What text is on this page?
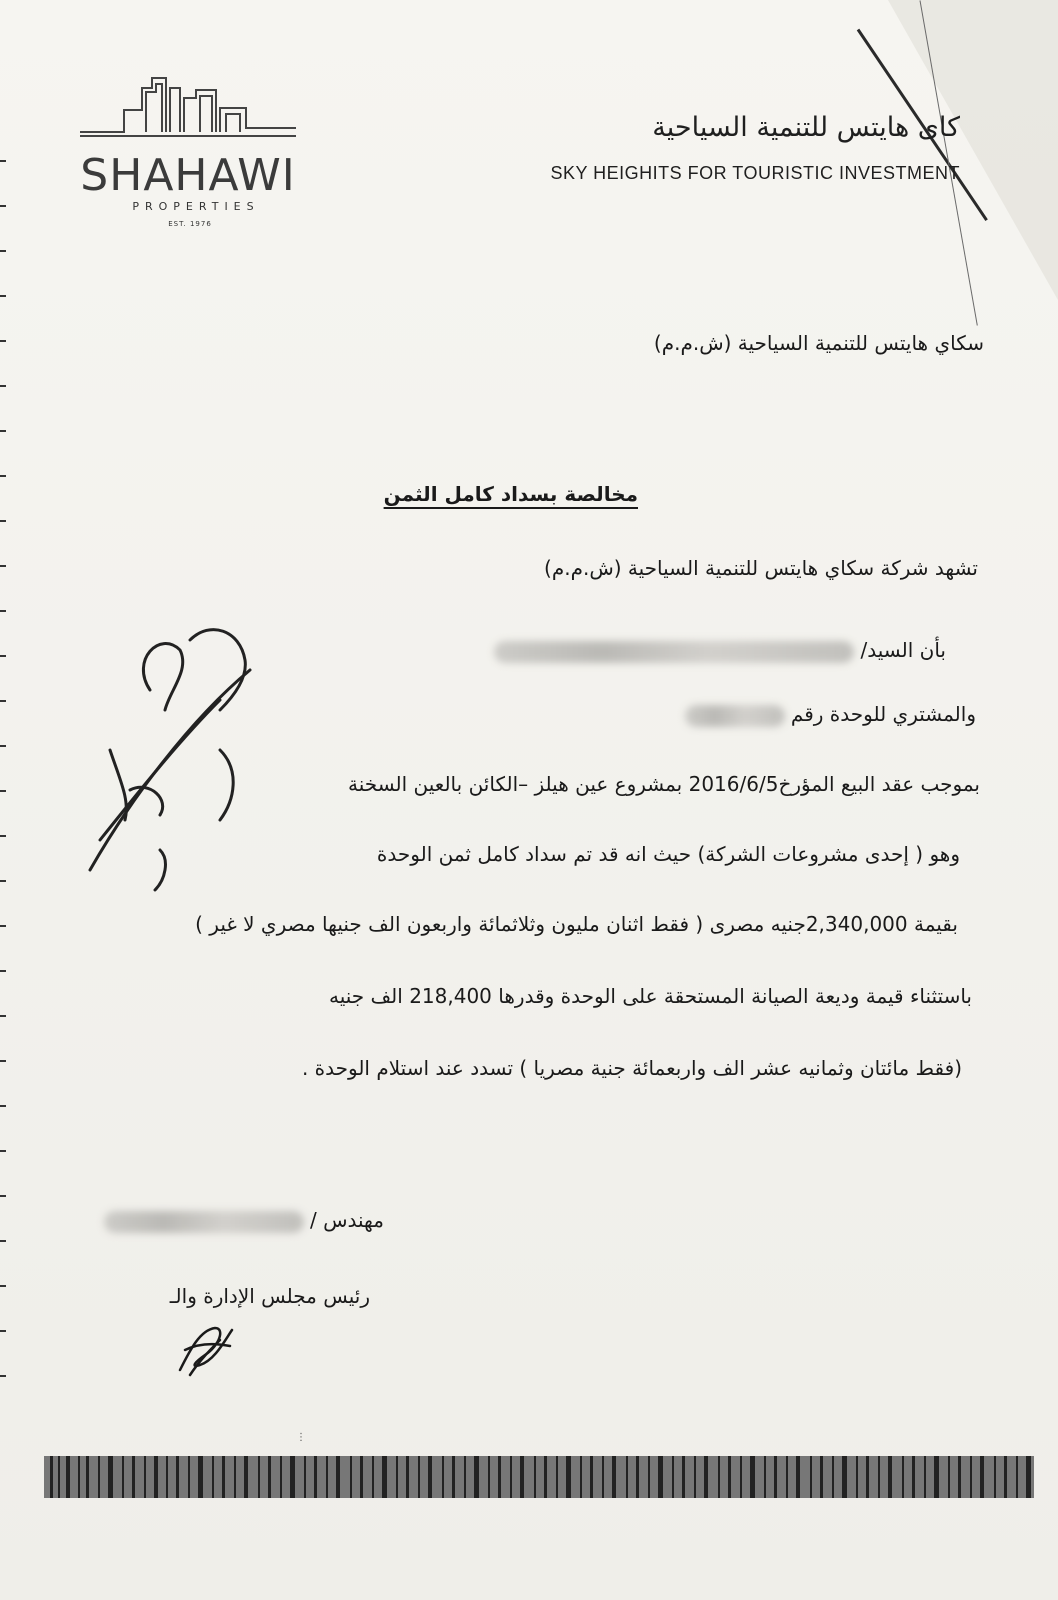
SHAHAWI
PROPERTIES
EST. 1976
كاى هايتس للتنمية السياحية
SKY HEIGHITS FOR TOURISTIC INVESTMENT
سكاي هايتس للتنمية السياحية (ش.م.م)
مخالصة بسداد كامل الثمن
تشهد شركة سكاي هايتس للتنمية السياحية (ش.م.م)
بأن السيد/
والمشتري للوحدة رقم
بموجب عقد البيع المؤرخ2016/6/5 بمشروع عين هيلز –الكائن بالعين السخنة
وهو ( إحدى مشروعات الشركة) حيث انه قد تم سداد كامل ثمن الوحدة
بقيمة 2,340,000جنيه مصرى ( فقط اثنان مليون وثلاثمائة واربعون الف جنيها مصري لا غير )
باستثناء قيمة وديعة الصيانة المستحقة على الوحدة وقدرها 218,400 الف جنيه
(فقط مائتان وثمانيه عشر الف واربعمائة جنية مصريا ) تسدد عند استلام الوحدة .
مهندس /
رئيس مجلس الإدارة والـ
⋮
